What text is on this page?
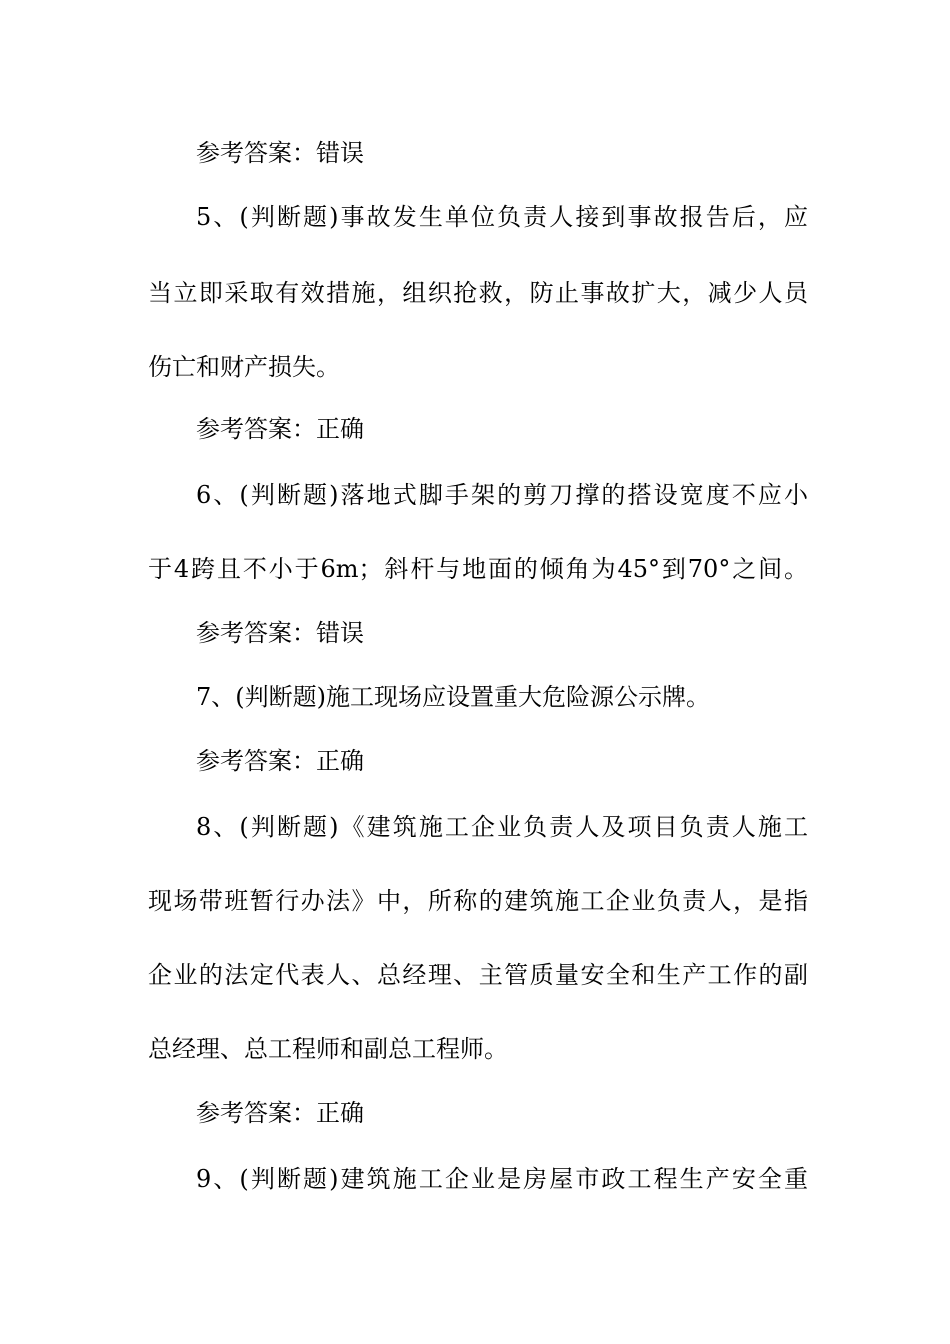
参考答案：错误
5、(判断题)事故发生单位负责人接到事故报告后，应
当立即采取有效措施，组织抢救，防止事故扩大，减少人员
伤亡和财产损失。
参考答案：正确
6、(判断题)落地式脚手架的剪刀撑的搭设宽度不应小
于4跨且不小于6m；斜杆与地面的倾角为45°到70°之间。
参考答案：错误
7、(判断题)施工现场应设置重大危险源公示牌。
参考答案：正确
8、(判断题)《建筑施工企业负责人及项目负责人施工
现场带班暂行办法》中，所称的建筑施工企业负责人，是指
企业的法定代表人、总经理、主管质量安全和生产工作的副
总经理、总工程师和副总工程师。
参考答案：正确
9、(判断题)建筑施工企业是房屋市政工程生产安全重
